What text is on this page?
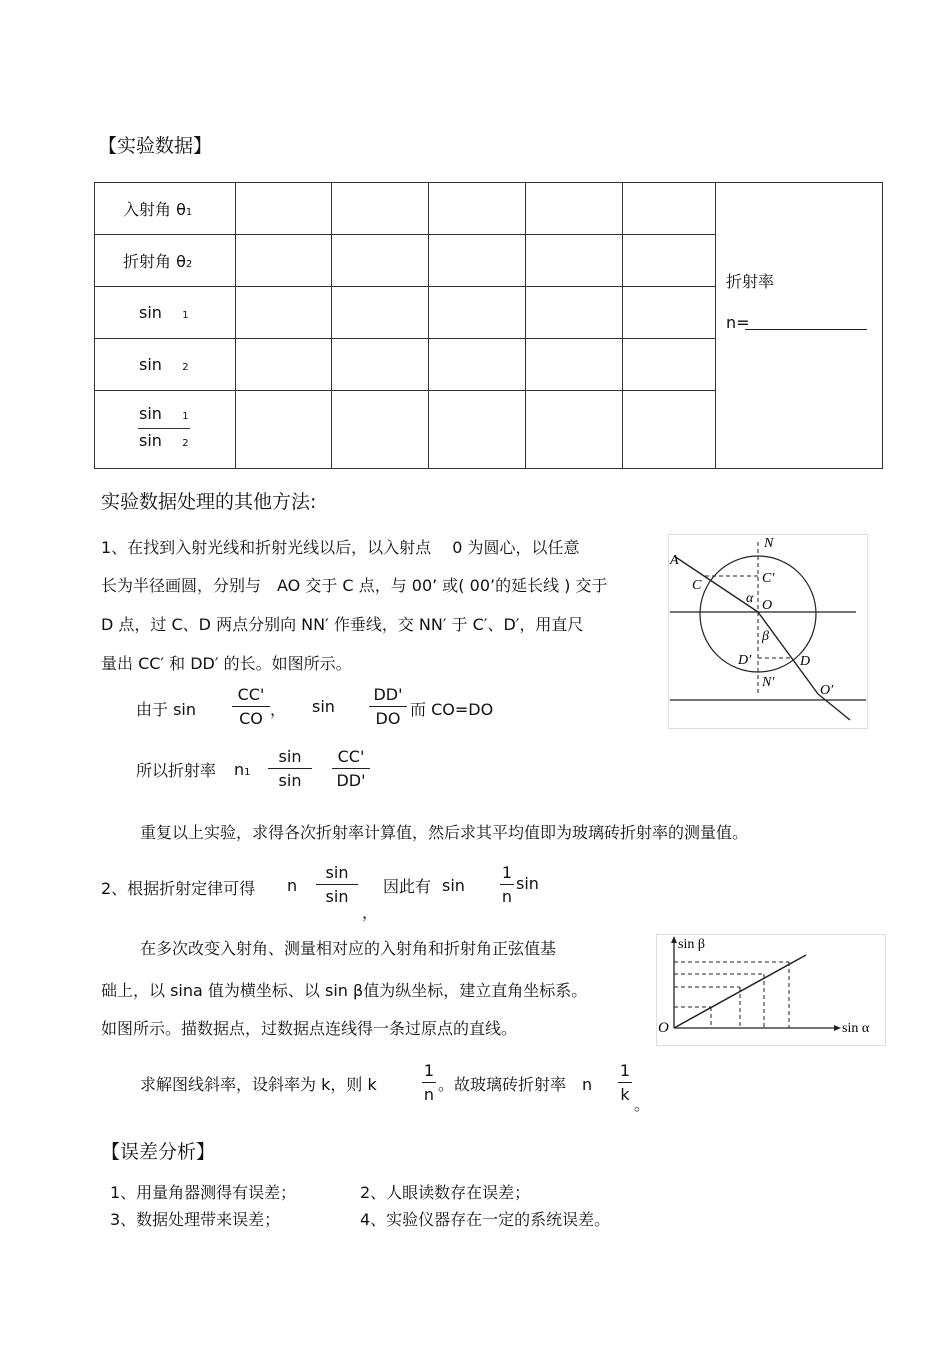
【实验数据】
入射角 θ1						折射率
n=

折射角 θ2						
sin 1						
sin 2						

sin 1
sin 2						

实验数据处理的其他方法:
1、在找到入射光线和折射光线以后，以入射点　 0 为圆心，以任意
长为半径画圆，分别与　AO 交于 C 点，与 00’ 或( 00’的延长线 ) 交于
D 点，过 C、D 两点分别向 NN′ 作垂线，交 NN′ 于 C′、D′，用直尺
量出 CC′ 和 DD′ 的长。如图所示。
由于 sin
CC'
CO ， sin
DD'
DO 而 CO=DO
所以折射率 n1
sin
sin
CC'
DD'
重复以上实验，求得各次折射率计算值，然后求其平均值即为玻璃砖折射率的测量值。
N
A
C	C′
α O
β
D′	D
N′
O′
2、根据折射定律可得 n
sin
sin
，
因此有 sin
1
n
sin
在多次改变入射角、测量相对应的入射角和折射角正弦值基
础上，以 sina 值为横坐标、以 sin β值为纵坐标，建立直角坐标系。
如图所示。描数据点，过数据点连线得一条过原点的直线。
求解图线斜率，设斜率为 k，则 k
1
n
。故玻璃砖折射率　n
1
k
。
sin β
sin α
O
【误差分析】
1、用量角器测得有误差；	2、人眼读数存在误差；
3、数据处理带来误差；	4、实验仪器存在一定的系统误差。
